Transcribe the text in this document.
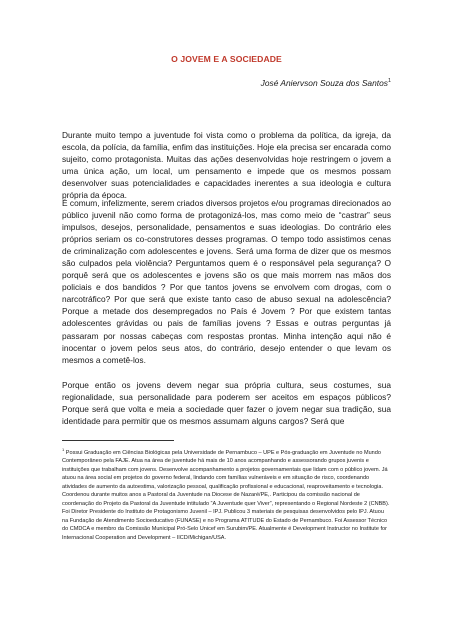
O JOVEM E A SOCIEDADE
José Aniervson Souza dos Santos$^1$

Durante muito tempo a juventude foi vista como o problema da política, da igreja, da escola, da polícia, da família, enfim das instituições. Hoje ela precisa ser encarada como sujeito, como protagonista. Muitas das ações desenvolvidas hoje restringem o jovem a uma única ação, um local, um pensamento e impede que os mesmos possam desenvolver suas potencialidades e capacidades inerentes a sua ideologia e cultura própria da época.

É comum, infelizmente, serem criados diversos projetos e/ou programas direcionados ao público juvenil não como forma de protagonizá-los, mas como meio de “castrar” seus impulsos, desejos, personalidade, pensamentos e suas ideologias. Do contrário eles próprios seriam os co-construtores desses programas. O tempo todo assistimos cenas de criminalização com adolescentes e jovens. Será uma forma de dizer que os mesmos são culpados pela violência? Perguntamos quem é o responsável pela segurança? O porquê será que os adolescentes e jovens são os que mais morrem nas mãos dos policiais e dos bandidos ? Por que tantos jovens se envolvem com drogas, com o narcotráfico? Por que será que existe tanto caso de abuso sexual na adolescência? Porque a metade dos desempregados no País é Jovem ? Por que existem tantas adolescentes grávidas ou pais de famílias jovens ? Essas e outras perguntas já passaram por nossas cabeças com respostas prontas. Minha intenção aqui não é inocentar o jovem pelos seus atos, do contrário, desejo entender o que levam os mesmos a cometê-los.

Porque então os jovens devem negar sua própria cultura, seus costumes, sua regionalidade, sua personalidade para poderem ser aceitos em espaços públicos? Porque será que volta e meia a sociedade quer fazer o jovem negar sua tradição, sua identidade para permitir que os mesmos assumam alguns cargos? Será que

$^1$ Possui Graduação em Ciências Biológicas pela Universidade de Pernambuco – UPE e Pós-graduação em Juventude no Mundo Contemporâneo pela FAJE. Atua na área de juventude há mais de 10 anos acompanhando e assessorando grupos juvenis e instituições que trabalham com jovens. Desenvolve acompanhamento a projetos governamentais que lidam com o público jovem. Já atuou na área social em projetos do governo federal, lindando com famílias vulneráveis e em situação de risco, coordenando atividades de aumento da autoestima, valorização pessoal, qualificação profissional e educacional, reaproveitamento e tecnologia. Coordenou durante muitos anos a Pastoral da Juventude na Diocese de Nazaré/PE,. Participou da comissão nacional de coordenação do Projeto da Pastoral da Juventude intitulado “A Juventude quer Viver”, representando o Regional Nordeste 2 (CNBB). Foi Diretor Presidente do Instituto de Protagonismo Juvenil – IPJ. Publicou 3 materiais de pesquisas desenvolvidos pelo IPJ. Atuou na Fundação de Atendimento Socioeducativo (FUNASE) e no Programa ATITUDE do Estado de Pernambuco. Foi Assessor Técnico do CMDCA e membro da Comissão Municipal Pró-Selo Unicef em Surubim/PE. Atualmente é Development Instructor no Institute for Internacional Cooperation and Development – IICD/Michigan/USA.
